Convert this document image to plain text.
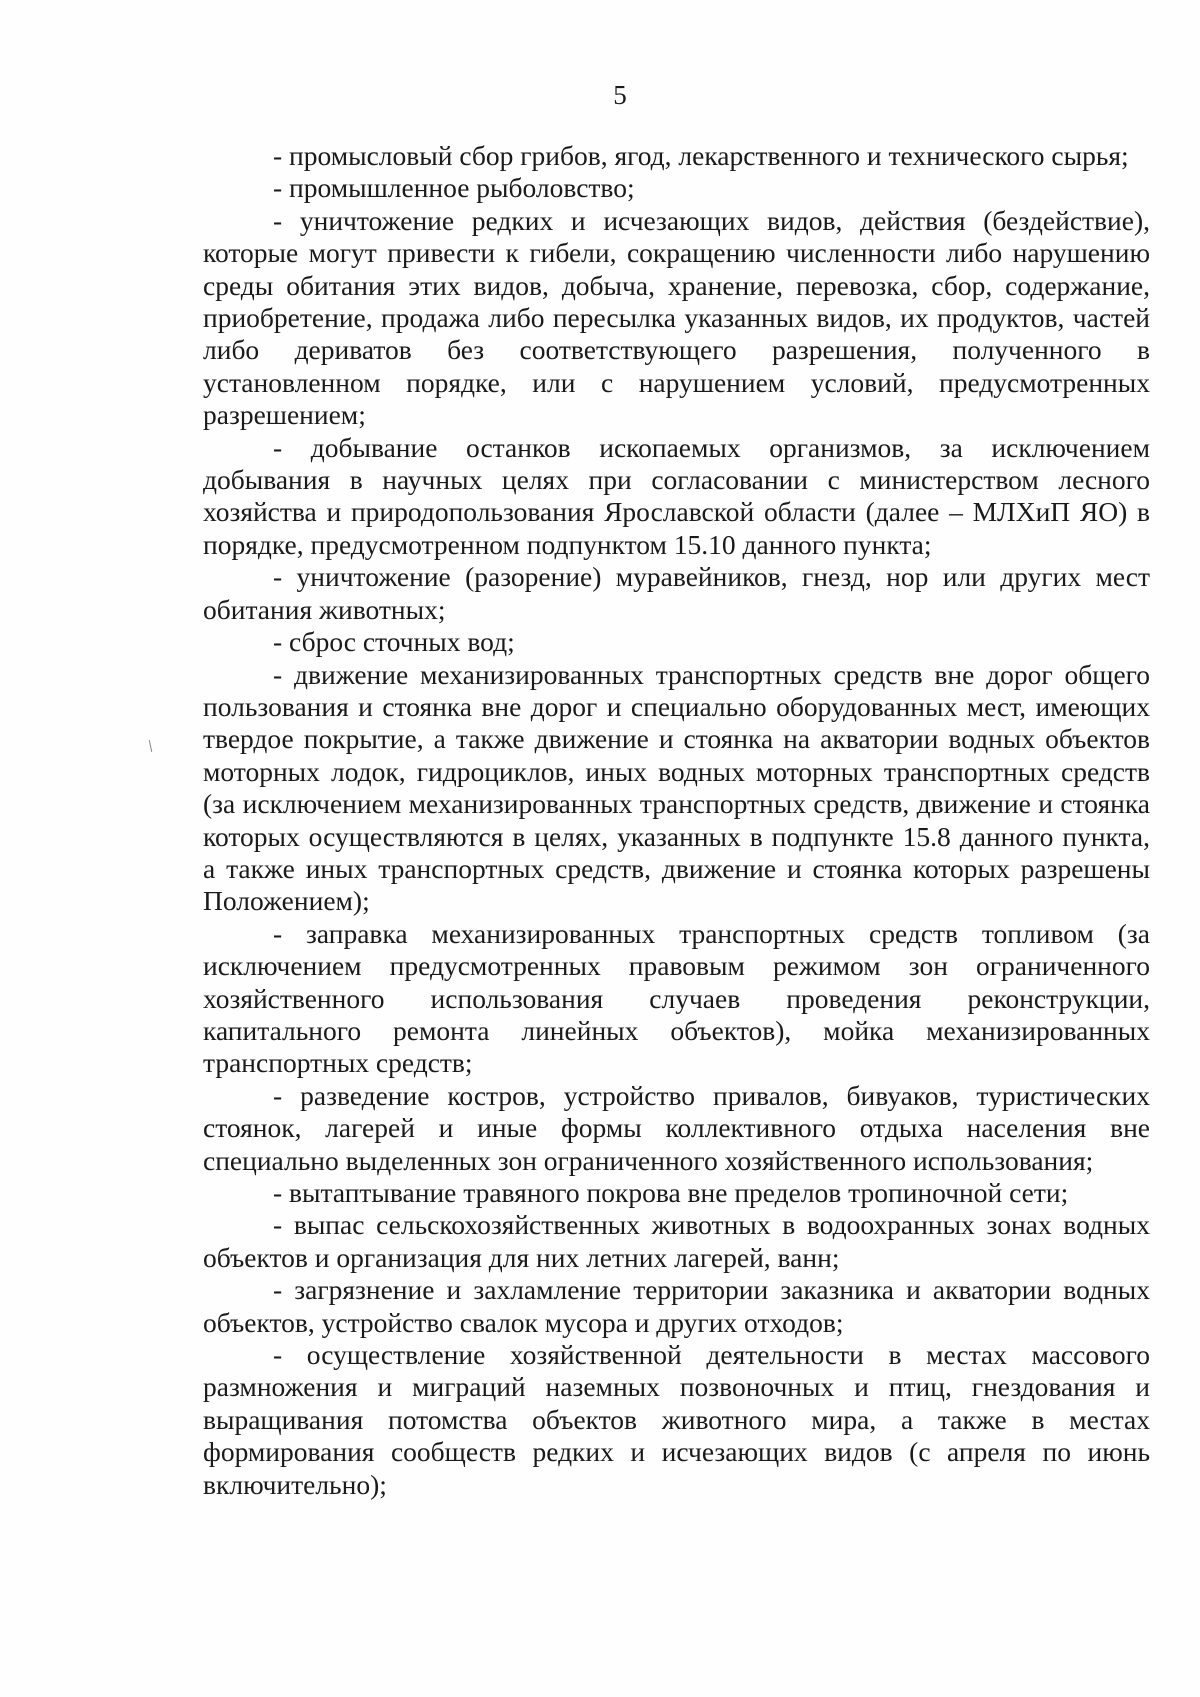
5

- промысловый сбор грибов, ягод, лекарственного и технического сырья;

- промышленное рыболовство;

- уничтожение редких и исчезающих видов, действия (бездействие), которые могут привести к гибели, сокращению численности либо нарушению среды обитания этих видов, добыча, хранение, перевозка, сбор, содержание, приобретение, продажа либо пересылка указанных видов, их продуктов, частей либо дериватов без соответствующего разрешения, полученного в установленном порядке, или с нарушением условий, предусмотренных разрешением;

- добывание останков ископаемых организмов, за исключением добывания в научных целях при согласовании с министерством лесного хозяйства и природопользования Ярославской области (далее – МЛХиП ЯО) в порядке, предусмотренном подпунктом 15.10 данного пункта;

- уничтожение (разорение) муравейников, гнезд, нор или других мест обитания животных;

- сброс сточных вод;

- движение механизированных транспортных средств вне дорог общего пользования и стоянка вне дорог и специально оборудованных мест, имеющих твердое покрытие, а также движение и стоянка на акватории водных объектов моторных лодок, гидроциклов, иных водных моторных транспортных средств (за исключением механизированных транспортных средств, движение и стоянка которых осуществляются в целях, указанных в подпункте 15.8 данного пункта, а также иных транспортных средств, движение и стоянка которых разрешены Положением);

- заправка механизированных транспортных средств топливом (за исключением предусмотренных правовым режимом зон ограниченного хозяйственного использования случаев проведения реконструкции, капитального ремонта линейных объектов), мойка механизированных транспортных средств;

- разведение костров, устройство привалов, бивуаков, туристических стоянок, лагерей и иные формы коллективного отдыха населения вне специально выделенных зон ограниченного хозяйственного использования;

- вытаптывание травяного покрова вне пределов тропиночной сети;

- выпас сельскохозяйственных животных в водоохранных зонах водных объектов и организация для них летних лагерей, ванн;

- загрязнение и захламление территории заказника и акватории водных объектов, устройство свалок мусора и других отходов;

- осуществление хозяйственной деятельности в местах массового размножения и миграций наземных позвоночных и птиц, гнездования и выращивания потомства объектов животного мира, а также в местах формирования сообществ редких и исчезающих видов (с апреля по июнь включительно);
